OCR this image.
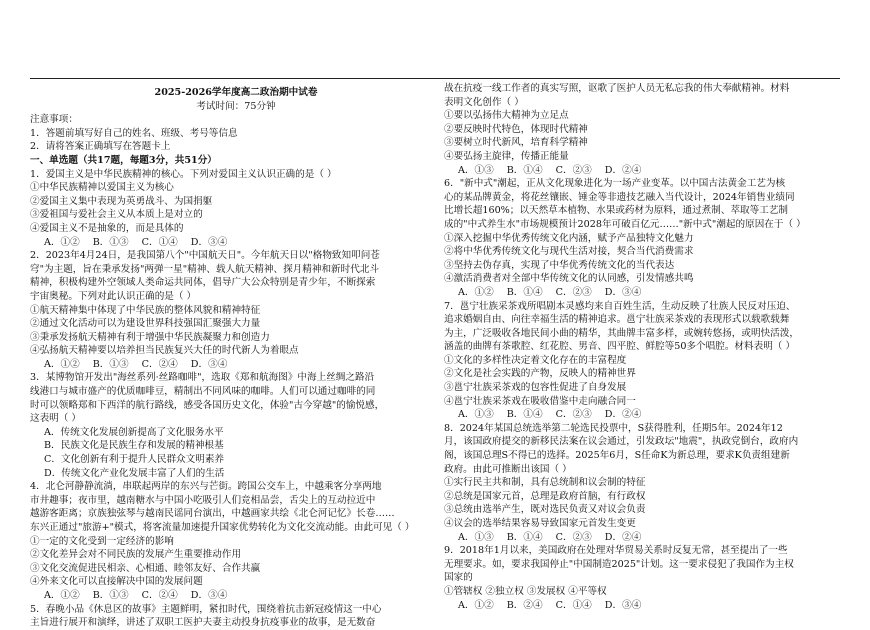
2025-2026学年度高二政治期中试卷
考试时间：75分钟
注意事项：
1．答题前填写好自己的姓名、班级、考号等信息
2．请将答案正确填写在答题卡上
一、单选题（共17题，每题3分，共51分）
1．爱国主义是中华民族精神的核心。下列对爱国主义认识正确的是（ ）
①中华民族精神以爱国主义为核心
②爱国主义集中表现为英勇战斗、为国捐躯
③爱祖国与爱社会主义从本质上是对立的
④爱国主义不是抽象的，而是具体的
A．①② B．①③ C．①④ D．③④
2．2023年4月24日，是我国第八个"中国航天日"。今年航天日以"格物致知叩问苍
穹"为主题，旨在秉承发扬"两弹一星"精神、载人航天精神、探月精神和新时代北斗
精神，积极构建外空领域人类命运共同体，倡导广大公众特别是青少年，不断探索
宇宙奥秘。下列对此认识正确的是（ ）
①航天精神集中体现了中华民族的整体风貌和精神特征
②通过文化活动可以为建设世界科技强国汇聚强大力量
③秉承发扬航天精神有利于增强中华民族凝聚力和创造力
④弘扬航天精神要以培养担当民族复兴大任的时代新人为着眼点
A．①② B．①③ C．②④ D．③④
3．某博物馆开发出"海丝系列·丝路咖啡"，选取《郑和航海图》中海上丝绸之路沿
线港口与城市盛产的优质咖啡豆，精制出不同风味的咖啡。人们可以通过咖啡的同
时可以领略郑和下西洋的航行路线，感受各国历史文化，体验"古今穿越"的愉悦感，
这表明（ ）
A．传统文化发展创新提高了文化服务水平
B．民族文化是民族生存和发展的精神根基
C．文化创新有利于提升人民群众文明素养
D．传统文化产业化发展丰富了人们的生活
4．北仑河静静流淌，串联起两岸的东兴与芒街。跨国公交车上，中越乘客分享两地
市井趣事；夜市里，越南糖水与中国小吃吸引人们竞相品尝，舌尖上的互动拉近中
越游客距离；京族独弦琴与越南民谣同台演出，中越画家共绘《北仑河记忆》长卷……
东兴正通过"旅游+"模式，将客流量加速提升国家优势转化为文化交流动能。由此可见（ ）
①一定的文化受到一定经济的影响
②文化差异会对不同民族的发展产生重要推动作用
③文化交流促进民相亲、心相通、睦邻友好、合作共赢
④外来文化可以直接解决中国的发展问题
A．①② B．①③ C．②④ D．③④
5．春晚小品《休息区的故事》主题鲜明，紧扣时代，围绕着抗击新冠疫情这一中心
主旨进行展开和演绎，讲述了双职工医护夫妻主动投身抗疫事业的故事，是无数奋
战在抗疫一线工作者的真实写照，讴歌了医护人员无私忘我的伟大奉献精神。材料
表明文化创作（ ）
①要以弘扬伟大精神为立足点
②要反映时代特色，体现时代精神
③要树立时代新风，培育科学精神
④要弘扬主旋律，传播正能量
A．①③ B．①④ C．②③ D．②④
6．"新中式"潮起，正从文化现象进化为一场产业变革。以中国古法黄金工艺为核
心的某品牌黄金，将花丝镶嵌、锤金等非遗技艺融入当代设计，2024年销售业绩同
比增长超160%；以天然草本植物、水果或药材为原料，通过煮制、萃取等工艺制
成的"中式养生水"市场规模预计2028年可破百亿元……"新中式"潮起的原因在于（ ）
①深入挖掘中华优秀传统文化内涵，赋予产品独特文化魅力
②将中华优秀传统文化与现代生活对接，契合当代消费需求
③坚持去伪存真，实现了中华优秀传统文化的当代表达
④激活消费者对全部中华传统文化的认同感，引发情感共鸣
A．①② B．①④ C．②③ D．③④
7．邕宁壮族采茶戏所唱剧本灵感均来自百姓生活，生动反映了壮族人民反对压迫、
追求婚姻自由、向往幸福生活的精神追求。邕宁壮族采茶戏的表现形式以载歌载舞
为主，广泛吸收各地民间小曲的精华，其曲牌丰富多样，或婉转悠扬，或明快活泼，
涵盖的曲牌有茶歌腔、红花腔、男音、四平腔、鲜腔等50多个唱腔。材料表明（ ）
①文化的多样性决定着文化存在的丰富程度
②文化是社会实践的产物，反映人的精神世界
③邕宁壮族采茶戏的包容性促进了自身发展
④邕宁壮族采茶戏在吸收借鉴中走向融合同一
A．①③ B．①④ C．②③ D．②④
8．2024年某国总统选举第二轮选民投票中，S获得胜利，任期5年。2024年12
月，该国政府提交的新移民法案在议会通过，引发政坛"地震"，执政党倒台，政府内
阁，该国总理S不得已的选择。2025年6月，S任命K为新总理，要求K负责组建新
政府。由此可推断出该国（ ）
①实行民主共和制，具有总统制和议会制的特征
②总统是国家元首，总理是政府首脑，有行政权
③总统由选举产生，既对选民负责又对议会负责
④议会的选举结果容易导致国家元首发生变更
A．①③ B．①④ C．②③ D．②④
9．2018年1月以来，美国政府在处理对华贸易关系时反复无常，甚至提出了一些
无理要求。如，要求我国停止"中国制造2025"计划。这一要求侵犯了我国作为主权
国家的
①管辖权 ②独立权 ③发展权 ④平等权
A．①② B．②④ C．①④ D．③④
